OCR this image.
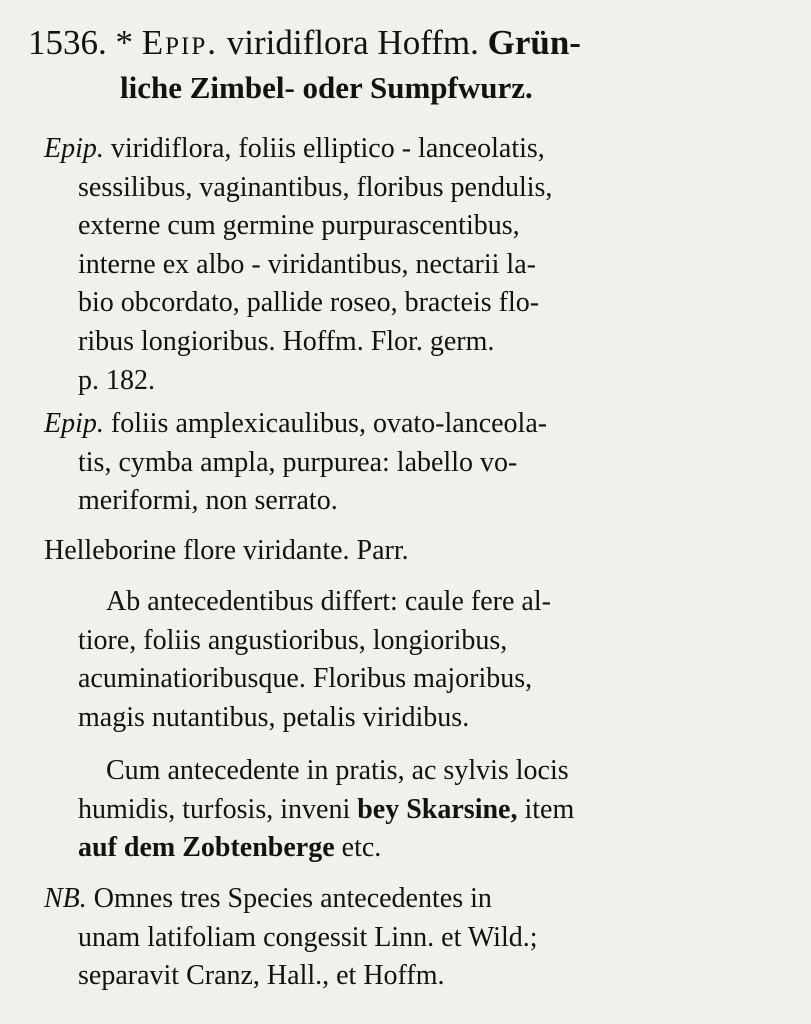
1536. * Epip. viridiflora Hoffm. Grün-
liche Zimbel- oder Sumpfwurz.
Epip. viridiflora, foliis elliptico - lanceolatis,
sessilibus, vaginantibus, floribus pendulis,
externe cum germine purpurascentibus,
interne ex albo - viridantibus, nectarii la-
bio obcordato, pallide roseo, bracteis flo-
ribus longioribus. Hoffm. Flor. germ.
p. 182.
Epip. foliis amplexicaulibus, ovato-lanceola-
tis, cymba ampla, purpurea: labello vo-
meriformi, non serrato.
Helleborine flore viridante. Parr.
Ab antecedentibus differt: caule fere al-
tiore, foliis angustioribus, longioribus,
acuminatioribusque. Floribus majoribus,
magis nutantibus, petalis viridibus.
Cum antecedente in pratis, ac sylvis locis
humidis, turfosis, inveni bey Skarsine, item
auf dem Zobtenberge etc.
NB. Omnes tres Species antecedentes in
unam latifoliam congessit Linn. et Wild.;
separavit Cranz, Hall., et Hoffm.
